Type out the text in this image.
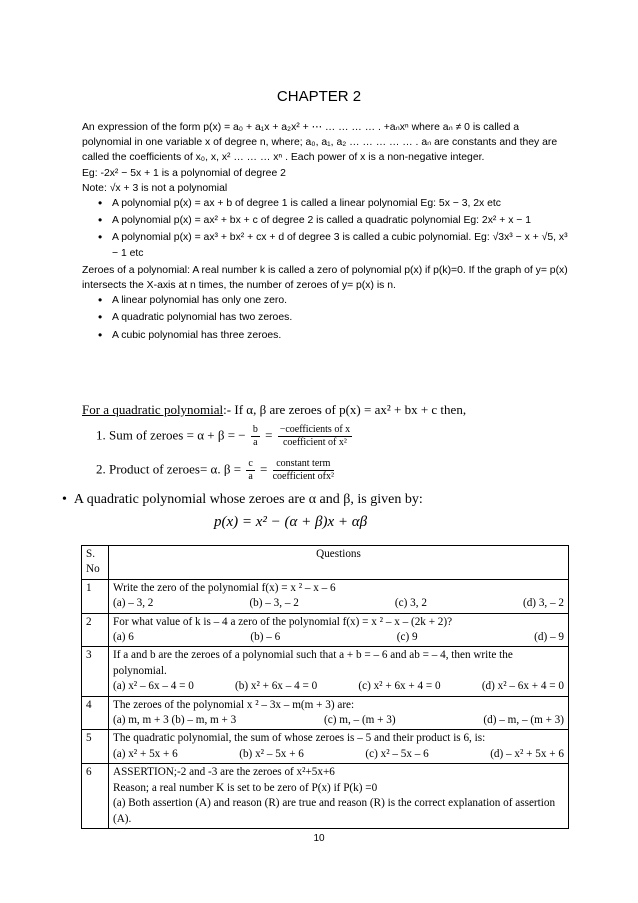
CHAPTER 2

An expression of the form p(x) = a₀ + a₁x + a₂x² + ⋯ … … … … . +aₙxⁿ where aₙ ≠ 0 is called a polynomial in one variable x of degree n, where; a₀, a₁, a₂ … … … … … . aₙ are constants and they are called the coefficients of x₀, x, x² … … … xⁿ . Each power of x is a non-negative integer.

Eg: -2x² − 5x + 1 is a polynomial of degree 2

Note: √x + 3 is not a polynomial

• A polynomial p(x) = ax + b of degree 1 is called a linear polynomial Eg: 5x − 3, 2x etc
• A polynomial p(x) = ax² + bx + c of degree 2 is called a quadratic polynomial Eg: 2x² + x − 1
• A polynomial p(x) = ax³ + bx² + cx + d of degree 3 is called a cubic polynomial. Eg: √3x³ − x + √5, x³ − 1 etc

Zeroes of a polynomial: A real number k is called a zero of polynomial p(x) if p(k)=0. If the graph of y= p(x) intersects the X-axis at n times, the number of zeroes of y= p(x) is n.

• A linear polynomial has only one zero.
• A quadratic polynomial has two zeroes.
• A cubic polynomial has three zeroes.
For a quadratic polynomial:- If α, β are zeroes of p(x) = ax² + bx + c then,
1. Sum of zeroes = α + β = − $\frac{b}{a} = \frac{\text{−coefficients of x}}{\text{coefficient of x²}}$
2. Product of zeroes= α. $\beta = \frac{c}{a} = \frac{\text{constant term}}{\text{coefficient ofx²}}$
• A quadratic polynomial whose zeroes are α and β, is given by:
p(x) = x² − (α + β)x + αβ
S. No	Questions
1	Write the zero of the polynomial f(x) = x ² – x – 6
(a) – 3, 2 (b) – 3, – 2 (c) 3, 2 (d) 3, – 2

2	For what value of k is – 4 a zero of the polynomial f(x) = x ² – x – (2k + 2)?
(a) 6 (b) – 6 (c) 9 (d) – 9

3	If a and b are the zeroes of a polynomial such that a + b = – 6 and ab = – 4, then write the polynomial.
(a) x² – 6x – 4 = 0 (b) x² + 6x – 4 = 0 (c) x² + 6x + 4 = 0 (d) x² – 6x + 4 = 0

4	The zeroes of the polynomial x ² – 3x – m(m + 3) are:
(a) m, m + 3 (b) – m, m + 3 (c) m, – (m + 3) (d) – m, – (m + 3)

5	The quadratic polynomial, the sum of whose zeroes is – 5 and their product is 6, is:
(a) x² + 5x + 6 (b) x² – 5x + 6 (c) x² – 5x – 6 (d) – x² + 5x + 6

6	ASSERTION;-2 and -3 are the zeroes of x²+5x+6
Reason; a real number K is set to be zero of P(x) if P(k) =0
(a) Both assertion (A) and reason (R) are true and reason (R) is the correct explanation of assertion (A).
10
